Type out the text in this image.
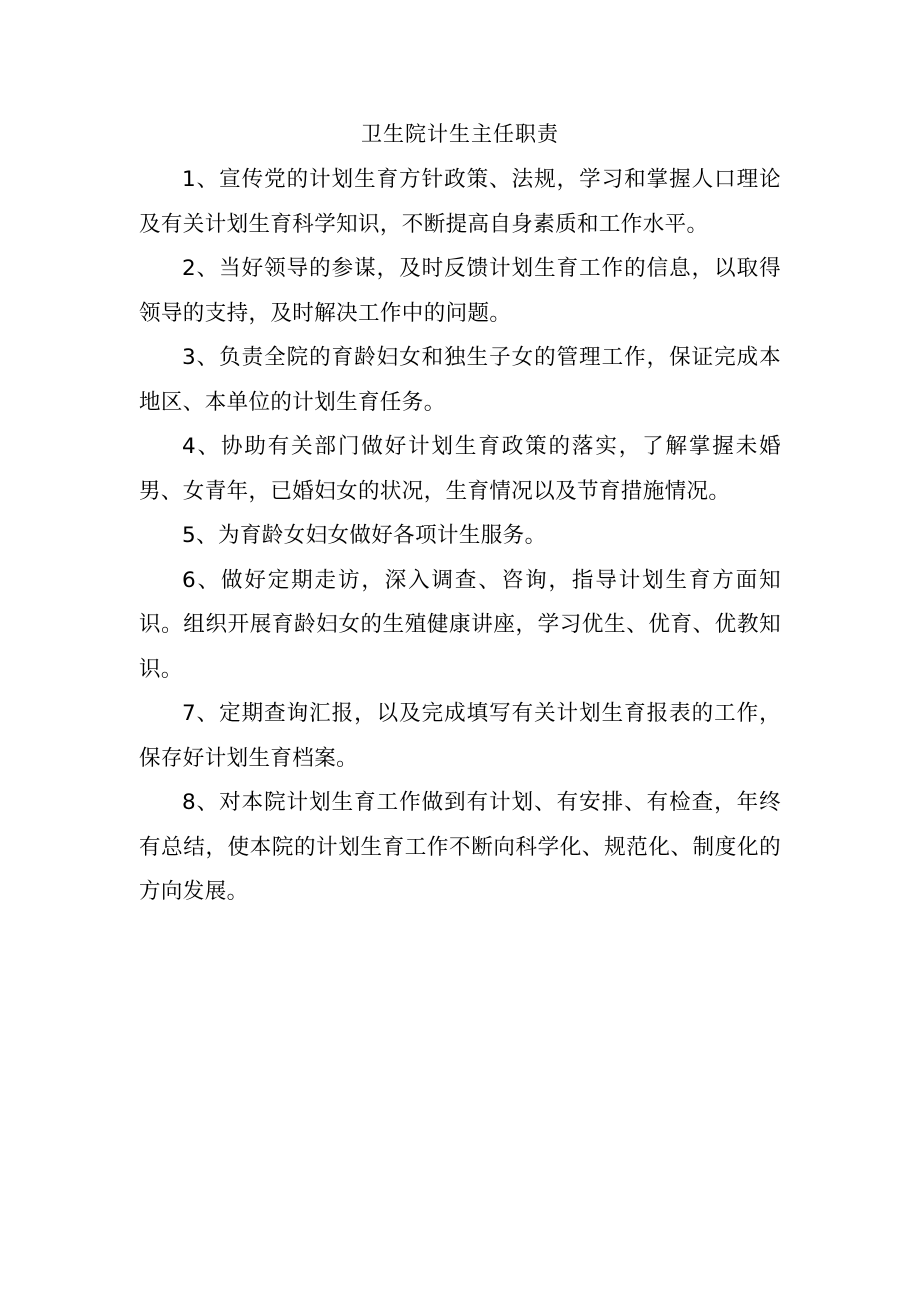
卫生院计生主任职责

1、宣传党的计划生育方针政策、法规，学习和掌握人口理论及有关计划生育科学知识，不断提高自身素质和工作水平。

2、当好领导的参谋，及时反馈计划生育工作的信息，以取得领导的支持，及时解决工作中的问题。

3、负责全院的育龄妇女和独生子女的管理工作，保证完成本地区、本单位的计划生育任务。

4、协助有关部门做好计划生育政策的落实，了解掌握未婚男、女青年，已婚妇女的状况，生育情况以及节育措施情况。

5、为育龄女妇女做好各项计生服务。

6、做好定期走访，深入调查、咨询，指导计划生育方面知识。组织开展育龄妇女的生殖健康讲座，学习优生、优育、优教知识。

7、定期查询汇报，以及完成填写有关计划生育报表的工作，保存好计划生育档案。

8、对本院计划生育工作做到有计划、有安排、有检查，年终有总结，使本院的计划生育工作不断向科学化、规范化、制度化的方向发展。
